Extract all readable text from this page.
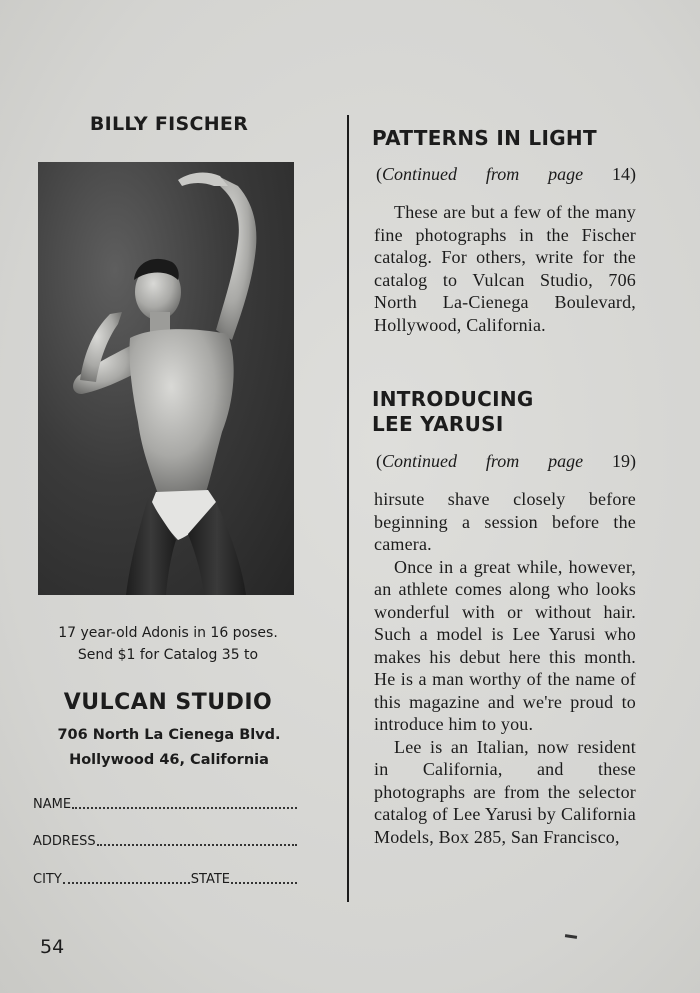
BILLY FISCHER
17 year-old Adonis in 16 poses.
Send $1 for Catalog 35 to
VULCAN STUDIO
706 North La Cienega Blvd.
Hollywood 46, California
NAME
ADDRESS
CITY	STATE
54
PATTERNS IN LIGHT
(Continued from page 14)

These are but a few of the many fine photographs in the Fischer catalog. For others, write for the catalog to Vulcan Studio, 706 North La-Cienega Boulevard, Hollywood, California.

INTRODUCING
LEE YARUSI
(Continued from page 19)

hirsute shave closely before beginning a session before the camera.

Once in a great while, however, an athlete comes along who looks wonderful with or without hair. Such a model is Lee Yarusi who makes his debut here this month. He is a man worthy of the name of this magazine and we're proud to introduce him to you.

Lee is an Italian, now resident in California, and these photographs are from the selector catalog of Lee Yarusi by California Models, Box 285, San Francisco,
